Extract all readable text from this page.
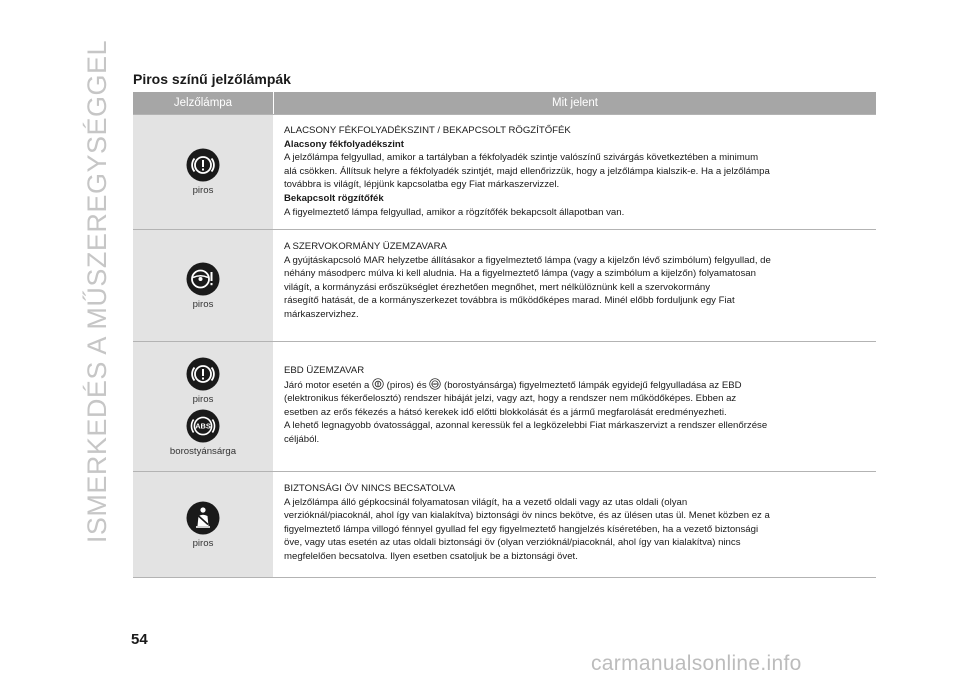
ISMERKEDÉS A MŰSZEREGYSÉGGEL Piros színű jelzőlámpák
Jelzőlámpa	Mit jelent
piros
ALACSONY FÉKFOLYADÉKSZINT / BEKAPCSOLT RÖGZÍTŐFÉK
Alacsony fékfolyadékszint
A jelzőlámpa felgyullad, amikor a tartályban a fékfolyadék szintje valószínű szivárgás következtében a minimum
alá csökken. Állítsuk helyre a fékfolyadék szintjét, majd ellenőrizzük, hogy a jelzőlámpa kialszik-e. Ha a jelzőlámpa
továbbra is világít, lépjünk kapcsolatba egy Fiat márkaszervizzel.
Bekapcsolt rögzítőfék
A figyelmeztető lámpa felgyullad, amikor a rögzítőfék bekapcsolt állapotban van.
piros
A SZERVOKORMÁNY ÜZEMZAVARA
A gyújtáskapcsoló MAR helyzetbe állításakor a figyelmeztető lámpa (vagy a kijelzőn lévő szimbólum) felgyullad, de
néhány másodperc múlva ki kell aludnia. Ha a figyelmeztető lámpa (vagy a szimbólum a kijelzőn) folyamatosan
világít, a kormányzási erőszükséglet érezhetően megnőhet, mert nélkülöznünk kell a szervokormány
rásegítő hatását, de a kormányszerkezet továbbra is működőképes marad. Minél előbb forduljunk egy Fiat
márkaszervizhez.
piros
ABS
borostyánsárga
EBD ÜZEMZAVAR
Járó motor esetén a (piros) és ABS (borostyánsárga) figyelmeztető lámpák egyidejű felgyulladása az EBD
(elektronikus fékerőelosztó) rendszer hibáját jelzi, vagy azt, hogy a rendszer nem működőképes. Ebben az
esetben az erős fékezés a hátsó kerekek idő előtti blokkolását és a jármű megfarolását eredményezheti.
A lehető legnagyobb óvatossággal, azonnal keressük fel a legközelebbi Fiat márkaszervizt a rendszer ellenőrzése
céljából.
piros
BIZTONSÁGI ÖV NINCS BECSATOLVA
A jelzőlámpa álló gépkocsinál folyamatosan világít, ha a vezető oldali vagy az utas oldali (olyan
verzióknál/piacoknál, ahol így van kialakítva) biztonsági öv nincs bekötve, és az ülésen utas ül. Menet közben ez a
figyelmeztető lámpa villogó fénnyel gyullad fel egy figyelmeztető hangjelzés kíséretében, ha a vezető biztonsági
öve, vagy utas esetén az utas oldali biztonsági öv (olyan verzióknál/piacoknál, ahol így van kialakítva) nincs
megfelelően becsatolva. Ilyen esetben csatoljuk be a biztonsági övet.
54
carmanualsonline.info
